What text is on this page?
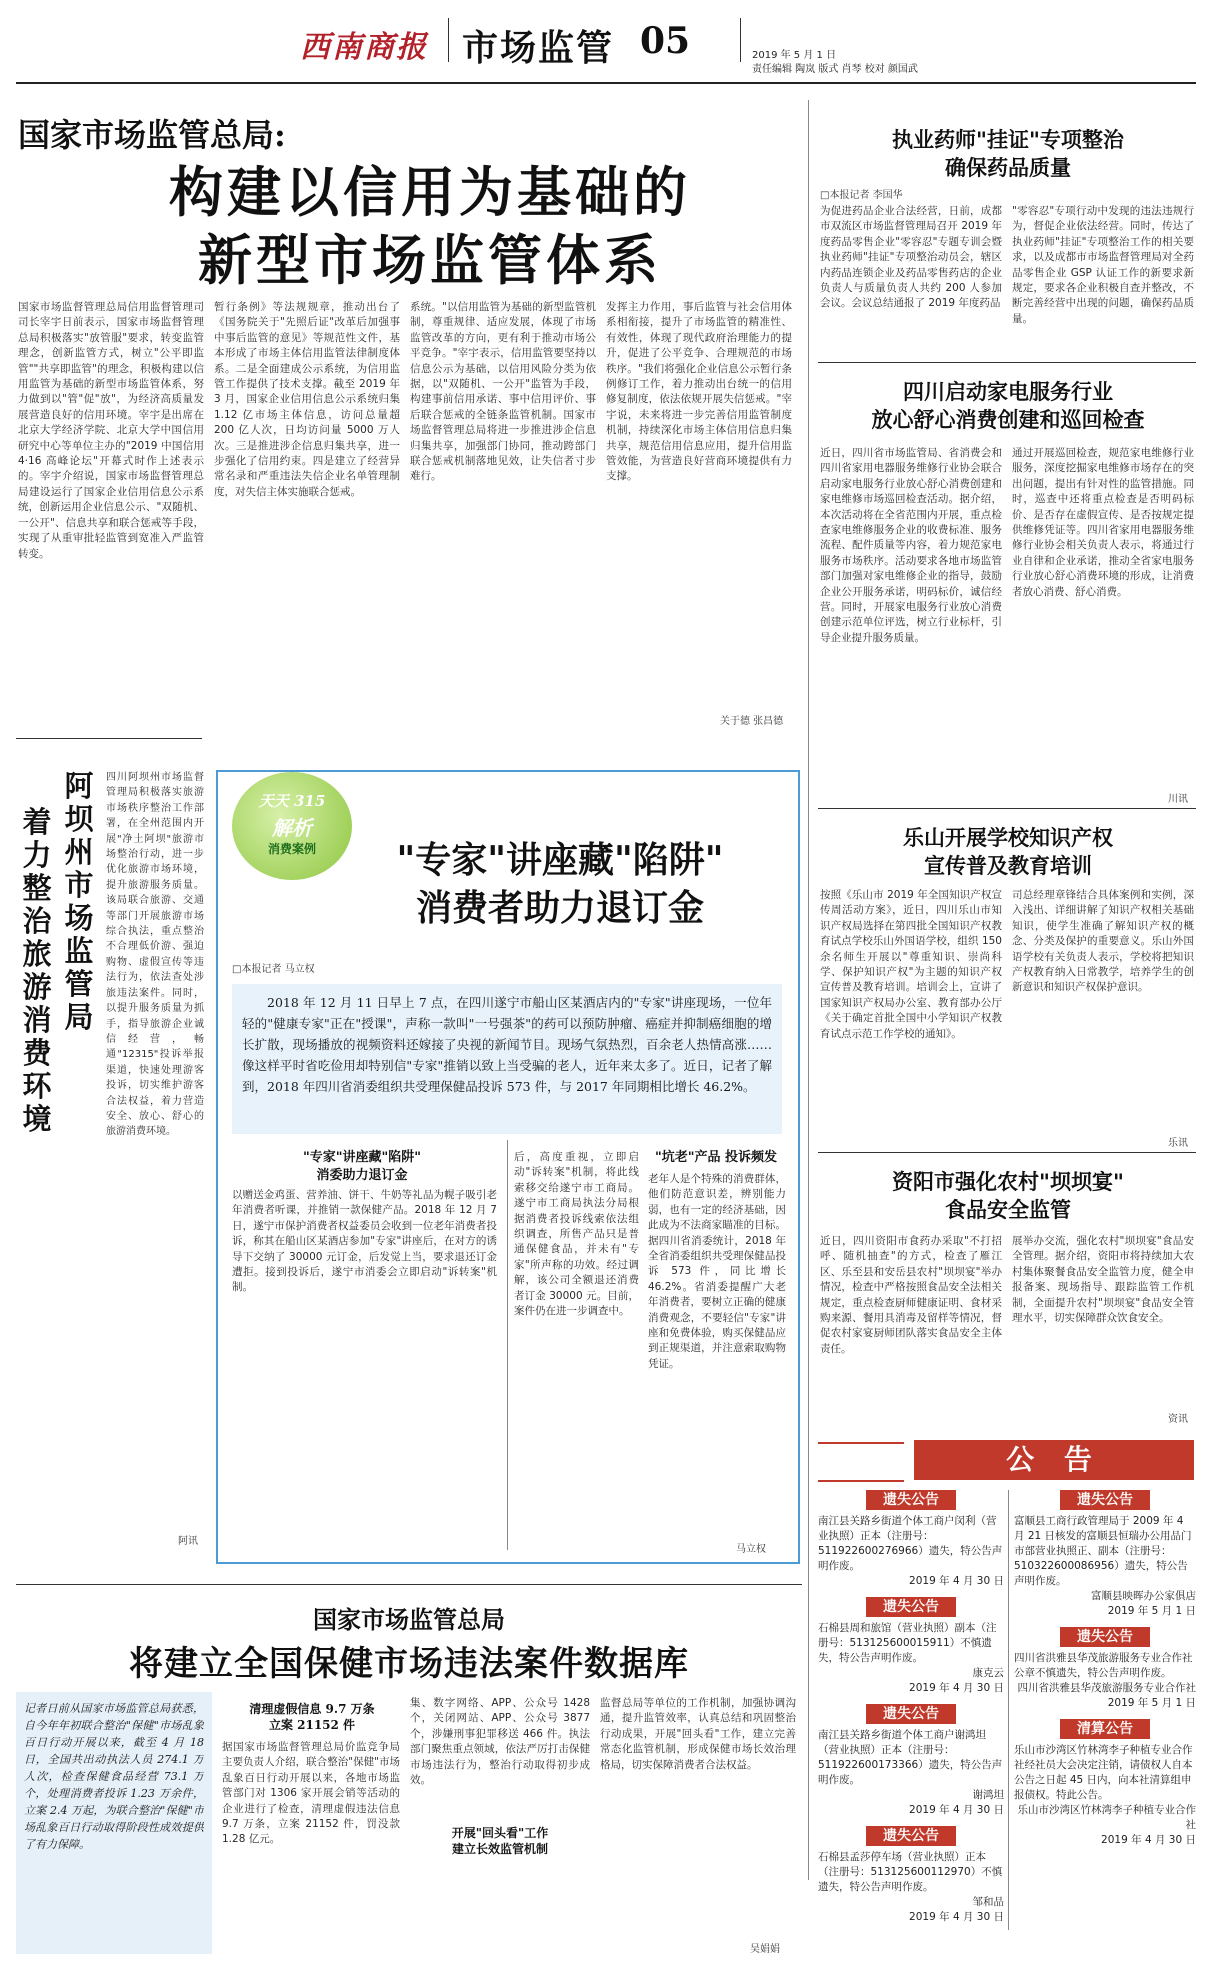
西南商报 市场监管 05	2019 年 5 月 1 日
责任编辑 陶岚 版式 肖琴 校对 颜国武
国家市场监管总局:
构建以信用为基础的
新型市场监管体系
国家市场监督管理总局信用监督管理司司长宰宇日前表示，国家市场监督管理总局积极落实"放管服"要求，转变监管理念，创新监管方式，树立"公平即监管""共享即监管"的理念，积极构建以信用监管为基础的新型市场监管体系，努力做到以"管"促"放"，为经济高质量发展营造良好的信用环境。宰宇是出席在北京大学经济学院、北京大学中国信用研究中心等单位主办的"2019 中国信用 4·16 高峰论坛"开幕式时作上述表示的。宰宇介绍说，国家市场监督管理总局建设运行了国家企业信用信息公示系统，创新运用企业信息公示、"双随机、一公开"、信息共享和联合惩戒等手段，实现了从重审批轻监管到宽准入严监管转变。
暂行条例》等法规规章，推动出台了《国务院关于"先照后证"改革后加强事中事后监管的意见》等规范性文件，基本形成了市场主体信用监管法律制度体系。二是全面建成公示系统，为信用监管工作提供了技术支撑。截至 2019 年 3 月，国家企业信用信息公示系统归集 1.12 亿市场主体信息，访问总量超 200 亿人次，日均访问量 5000 万人次。三是推进涉企信息归集共享，进一步强化了信用约束。四是建立了经营异常名录和严重违法失信企业名单管理制度，对失信主体实施联合惩戒。
系统。"以信用监管为基础的新型监管机制，尊重规律、适应发展，体现了市场监管改革的方向，更有利于推动市场公平竞争。"宰宇表示，信用监管要坚持以信息公示为基础，以信用风险分类为依据，以"双随机、一公开"监管为手段，构建事前信用承诺、事中信用评价、事后联合惩戒的全链条监管机制。国家市场监督管理总局将进一步推进涉企信息归集共享，加强部门协同，推动跨部门联合惩戒机制落地见效，让失信者寸步难行。
发挥主力作用，事后监管与社会信用体系相衔接，提升了市场监管的精准性、有效性，体现了现代政府治理能力的提升，促进了公平竞争、合理规范的市场秩序。"我们将强化企业信息公示暂行条例修订工作，着力推动出台统一的信用修复制度，依法依规开展失信惩戒。"宰宇说，未来将进一步完善信用监管制度机制，持续深化市场主体信用信息归集共享，规范信用信息应用，提升信用监管效能，为营造良好营商环境提供有力支撑。
关于德 张昌德
执业药师"挂证"专项整治
确保药品质量
□本报记者 李国华
为促进药品企业合法经营，日前，成都市双流区市场监督管理局召开 2019 年度药品零售企业"零容忍"专题专训会暨执业药师"挂证"专项整治动员会，辖区内药品连锁企业及药品零售药店的企业负责人与质量负责人共约 200 人参加会议。会议总结通报了 2019 年度药品
"零容忍"专项行动中发现的违法违规行为，督促企业依法经营。同时，传达了执业药师"挂证"专项整治工作的相关要求，以及成都市市场监督管理局对全药品零售企业 GSP 认证工作的新要求新规定，要求各企业积极自查并整改，不断完善经营中出现的问题，确保药品质量。
四川启动家电服务行业
放心舒心消费创建和巡回检查
近日，四川省市场监管局、省消费会和四川省家用电器服务维修行业协会联合启动家电服务行业放心舒心消费创建和家电维修市场巡回检查活动。据介绍，本次活动将在全省范围内开展，重点检查家电维修服务企业的收费标准、服务流程、配件质量等内容，着力规范家电服务市场秩序。活动要求各地市场监管部门加强对家电维修企业的指导，鼓励企业公开服务承诺，明码标价，诚信经营。同时，开展家电服务行业放心消费创建示范单位评选，树立行业标杆，引导企业提升服务质量。
通过开展巡回检查，规范家电维修行业服务，深度挖掘家电维修市场存在的突出问题，提出有针对性的监管措施。同时，巡查中还将重点检查是否明码标价、是否存在虚假宣传、是否按规定提供维修凭证等。四川省家用电器服务维修行业协会相关负责人表示，将通过行业自律和企业承诺，推动全省家电服务行业放心舒心消费环境的形成，让消费者放心消费、舒心消费。
川讯
乐山开展学校知识产权
宣传普及教育培训
按照《乐山市 2019 年全国知识产权宣传周活动方案》，近日，四川乐山市知识产权局选择在第四批全国知识产权教育试点学校乐山外国语学校，组织 150 余名师生开展以"尊重知识、崇尚科学、保护知识产权"为主题的知识产权宣传普及教育培训。培训会上，宣讲了国家知识产权局办公室、教育部办公厅《关于确定首批全国中小学知识产权教育试点示范工作学校的通知》。
司总经理章锋结合具体案例和实例，深入浅出、详细讲解了知识产权相关基础知识，使学生准确了解知识产权的概念、分类及保护的重要意义。乐山外国语学校有关负责人表示，学校将把知识产权教育纳入日常教学，培养学生的创新意识和知识产权保护意识。
乐讯
资阳市强化农村"坝坝宴"
食品安全监管
近日，四川资阳市食药办采取"不打招呼、随机抽查"的方式，检查了雁江区、乐至县和安岳县农村"坝坝宴"举办情况，检查中严格按照食品安全法相关规定，重点检查厨师健康证明、食材采购来源、餐用具消毒及留样等情况，督促农村家宴厨师团队落实食品安全主体责任。
展举办交流，强化农村"坝坝宴"食品安全管理。据介绍，资阳市将持续加大农村集体聚餐食品安全监管力度，健全申报备案、现场指导、跟踪监管工作机制，全面提升农村"坝坝宴"食品安全管理水平，切实保障群众饮食安全。
资讯
公 告
遗失公告
南江县关路乡街道个体工商户闵利（营业执照）正本（注册号：511922600276966）遗失，特公告声明作废。
2019 年 4 月 30 日
遗失公告
石棉县周和旅馆（营业执照）副本（注册号：513125600015911）不慎遗失，特公告声明作废。
康克云
2019 年 4 月 30 日
遗失公告
南江县关路乡街道个体工商户谢鸿坦（营业执照）正本（注册号：511922600173366）遗失，特公告声明作废。
谢鸿坦
2019 年 4 月 30 日
遗失公告
石棉县孟莎停车场（营业执照）正本（注册号：513125600112970）不慎遗失，特公告声明作废。
邹和品
2019 年 4 月 30 日
遗失公告
富顺县工商行政管理局于 2009 年 4 月 21 日核发的富顺县恒瑞办公用品门市部营业执照正、副本（注册号：510322600086956）遗失，特公告声明作废。
富顺县映晖办公家俱店
2019 年 5 月 1 日
遗失公告
四川省洪雅县华茂旅游服务专业合作社公章不慎遗失，特公告声明作废。
四川省洪雅县华茂旅游服务专业合作社
2019 年 5 月 1 日
清算公告
乐山市沙湾区竹林湾李子种植专业合作社经社员大会决定注销，请债权人自本公告之日起 45 日内，向本社清算组申报债权。特此公告。
乐山市沙湾区竹林湾李子种植专业合作社
2019 年 4 月 30 日
阿坝州市场监管局
着力整治旅游消费环境
四川阿坝州市场监督管理局积极落实旅游市场秩序整治工作部署，在全州范围内开展"净土阿坝"旅游市场整治行动，进一步优化旅游市场环境，提升旅游服务质量。该局联合旅游、交通等部门开展旅游市场综合执法，重点整治不合理低价游、强迫购物、虚假宣传等违法行为，依法查处涉旅违法案件。同时，以提升服务质量为抓手，指导旅游企业诚信经营，畅通"12315"投诉举报渠道，快速处理游客投诉，切实维护游客合法权益，着力营造安全、放心、舒心的旅游消费环境。
阿讯
天天 315
解析
消费案例	"专家"讲座藏"陷阱"
消费者助力退订金
□本报记者 马立权
2018 年 12 月 11 日早上 7 点，在四川遂宁市船山区某酒店内的"专家"讲座现场，一位年轻的"健康专家"正在"授课"，声称一款叫"一号强茶"的药可以预防肿瘤、癌症并抑制癌细胞的增长扩散，现场播放的视频资料还嫁接了央视的新闻节目。现场气氛热烈，百余老人热情高涨……像这样平时省吃俭用却特别信"专家"推销以致上当受骗的老人，近年来太多了。近日，记者了解到，2018 年四川省消委组织共受理保健品投诉 573 件，与 2017 年同期相比增长 46.2%。
"专家"讲座藏"陷阱"
消委助力退订金
以赠送金鸡蛋、营养油、饼干、牛奶等礼品为幌子吸引老年消费者听课，并推销一款保健产品。2018 年 12 月 7 日，遂宁市保护消费者权益委员会收到一位老年消费者投诉，称其在船山区某酒店参加"专家"讲座后，在对方的诱导下交纳了 30000 元订金，后发觉上当，要求退还订金遭拒。接到投诉后，遂宁市消委会立即启动"诉转案"机制。
后，高度重视，立即启动"诉转案"机制，将此线索移交给遂宁市工商局。遂宁市工商局执法分局根据消费者投诉线索依法组织调查，所售产品只是普通保健食品，并未有"专家"所声称的功效。经过调解，该公司全额退还消费者订金 30000 元。目前，案件仍在进一步调查中。
"坑老"产品 投诉频发
老年人是个特殊的消费群体，他们防范意识差，辨别能力弱，也有一定的经济基础，因此成为不法商家瞄准的目标。据四川省消委统计，2018 年全省消委组织共受理保健品投诉 573 件，同比增长 46.2%。省消委提醒广大老年消费者，要树立正确的健康消费观念，不要轻信"专家"讲座和免费体验，购买保健品应到正规渠道，并注意索取购物凭证。
马立权
国家市场监管总局
将建立全国保健市场违法案件数据库
记者日前从国家市场监管总局获悉，自今年年初联合整治"保健"市场乱象百日行动开展以来，截至 4 月 18 日，全国共出动执法人员 274.1 万人次，检查保健食品经营 73.1 万个，处理消费者投诉 1.23 万余件，立案 2.4 万起，为联合整治"保健"市场乱象百日行动取得阶段性成效提供了有力保障。
清理虚假信息 9.7 万条
立案 21152 件
据国家市场监督管理总局价监竞争局主要负责人介绍，联合整治"保健"市场乱象百日行动开展以来，各地市场监管部门对 1306 家开展会销等活动的企业进行了检查，清理虚假违法信息 9.7 万条，立案 21152 件，罚没款 1.28 亿元。
集、数字网络、APP、公众号 1428 个，关闭网站、APP、公众号 3877 个，涉嫌刑事犯罪移送 466 件。执法部门聚焦重点领域，依法严厉打击保健市场违法行为，整治行动取得初步成效。
开展"回头看"工作
建立长效监管机制
监督总局等单位的工作机制，加强协调沟通，提升监管效率，认真总结和巩固整治行动成果，开展"回头看"工作，建立完善常态化监管机制，形成保健市场长效治理格局，切实保障消费者合法权益。
吴娟娟
